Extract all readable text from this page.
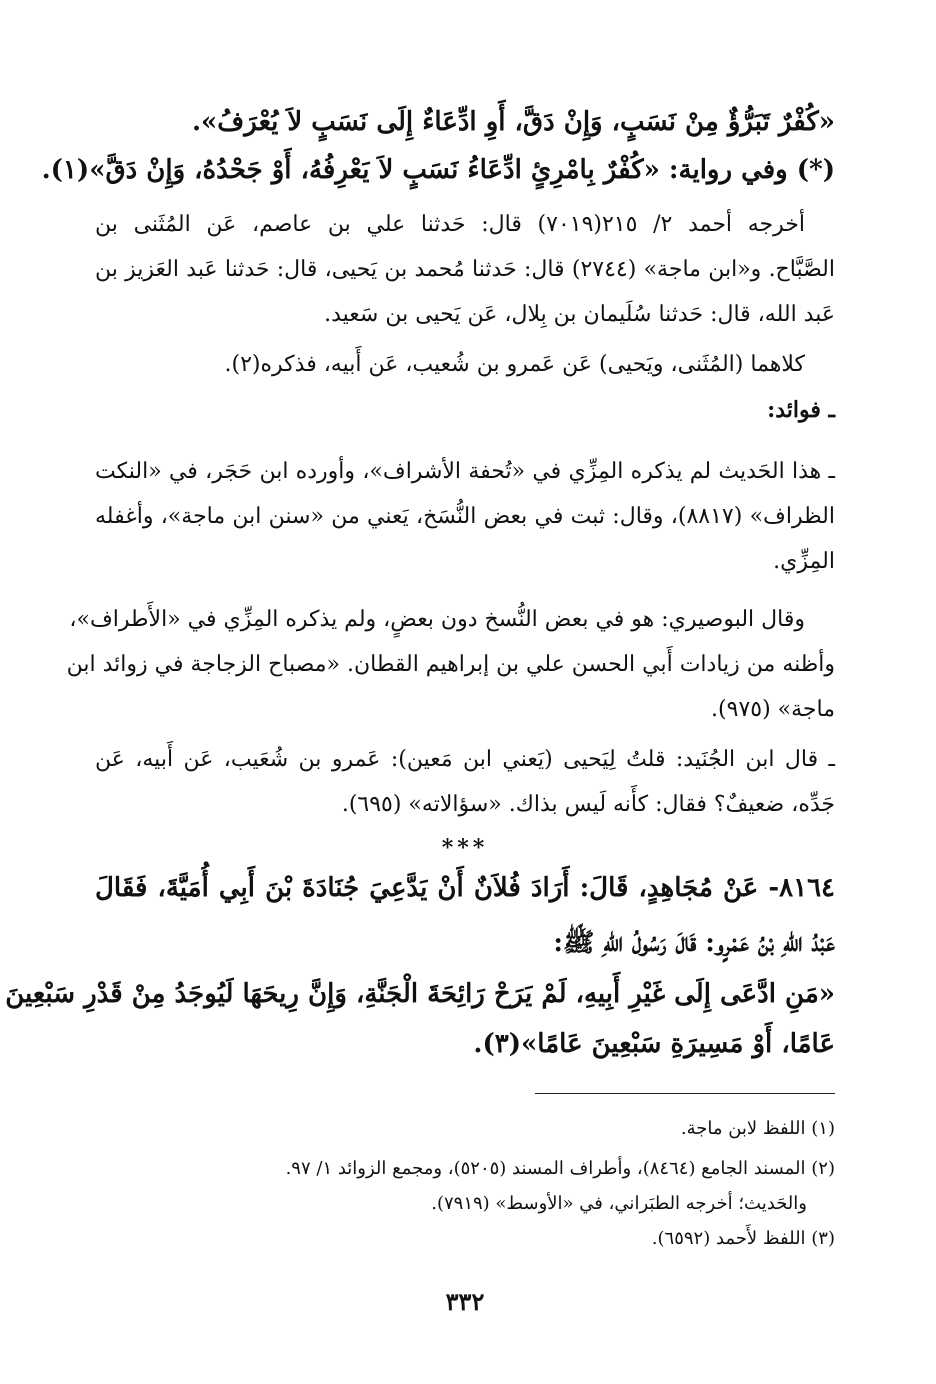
«كُفْرٌ تَبَرُّؤٌ مِنْ نَسَبٍ، وَإِنْ دَقَّ، أَوِ ادِّعَاءٌ إِلَى نَسَبٍ لاَ يُعْرَفُ».
(*) وفي رواية: «كُفْرٌ بِامْرِئٍ ادِّعَاءُ نَسَبٍ لاَ يَعْرِفُهُ، أَوْ جَحْدُهُ، وَإِنْ دَقَّ»(١).
أخرجه أحمد ٢/ ٢١٥(٧٠١٩) قال: حَدثنا علي بن عاصم، عَن المُثَنى بن
الصَّبَّاح. و«ابن ماجة» (٢٧٤٤) قال: حَدثنا مُحمد بن يَحيى، قال: حَدثنا عَبد العَزيز بن
عَبد الله، قال: حَدثنا سُلَيمان بن بِلال، عَن يَحيى بن سَعيد.
كلاهما (المُثَنى، ويَحيى) عَن عَمرو بن شُعيب، عَن أَبيه، فذكره(٢).
ـ فوائد:
ـ هذا الحَديث لم يذكره المِزِّي في «تُحفة الأشراف»، وأورده ابن حَجَر، في «النكت
الظراف» (٨٨١٧)، وقال: ثبت في بعض النُّسَخ، يَعني من «سنن ابن ماجة»، وأغفله
المِزِّي.
وقال البوصيري: هو في بعض النُّسخ دون بعضٍ، ولم يذكره المِزِّي في «الأَطراف»،
وأظنه من زيادات أَبي الحسن علي بن إبراهيم القطان. «مصباح الزجاجة في زوائد ابن
ماجة» (٩٧٥).
ـ قال ابن الجُنَيد: قلتُ لِيَحيى (يَعني ابن مَعين): عَمرو بن شُعَيب، عَن أَبيه، عَن
جَدِّه، ضعيفٌ؟ فقال: كأَنه لَيس بذاك. «سؤالاته» (٦٩٥).
***
٨١٦٤- عَنْ مُجَاهِدٍ، قَالَ: أَرَادَ فُلاَنٌ أَنْ يَدَّعِيَ جُنَادَةَ بْنَ أَبِي أُمَيَّةَ، فَقَالَ
عَبْدُ اللهِ بْنُ عَمْرٍو: قَالَ رَسُولُ اللهِ ﷺ:
«مَنِ ادَّعَى إِلَى غَيْرِ أَبِيهِ، لَمْ يَرَحْ رَائِحَةَ الْجَنَّةِ، وَإِنَّ رِيحَهَا لَيُوجَدُ مِنْ قَدْرِ سَبْعِينَ
عَامًا، أَوْ مَسِيرَةِ سَبْعِينَ عَامًا»(٣).
(١) اللفظ لابن ماجة.
(٢) المسند الجامع (٨٤٦٤)، وأطراف المسند (٥٢٠٥)، ومجمع الزوائد ١/ ٩٧.
والحَديث؛ أخرجه الطبَراني، في «الأوسط» (٧٩١٩).
(٣) اللفظ لأَحمد (٦٥٩٢).
٣٣٢
